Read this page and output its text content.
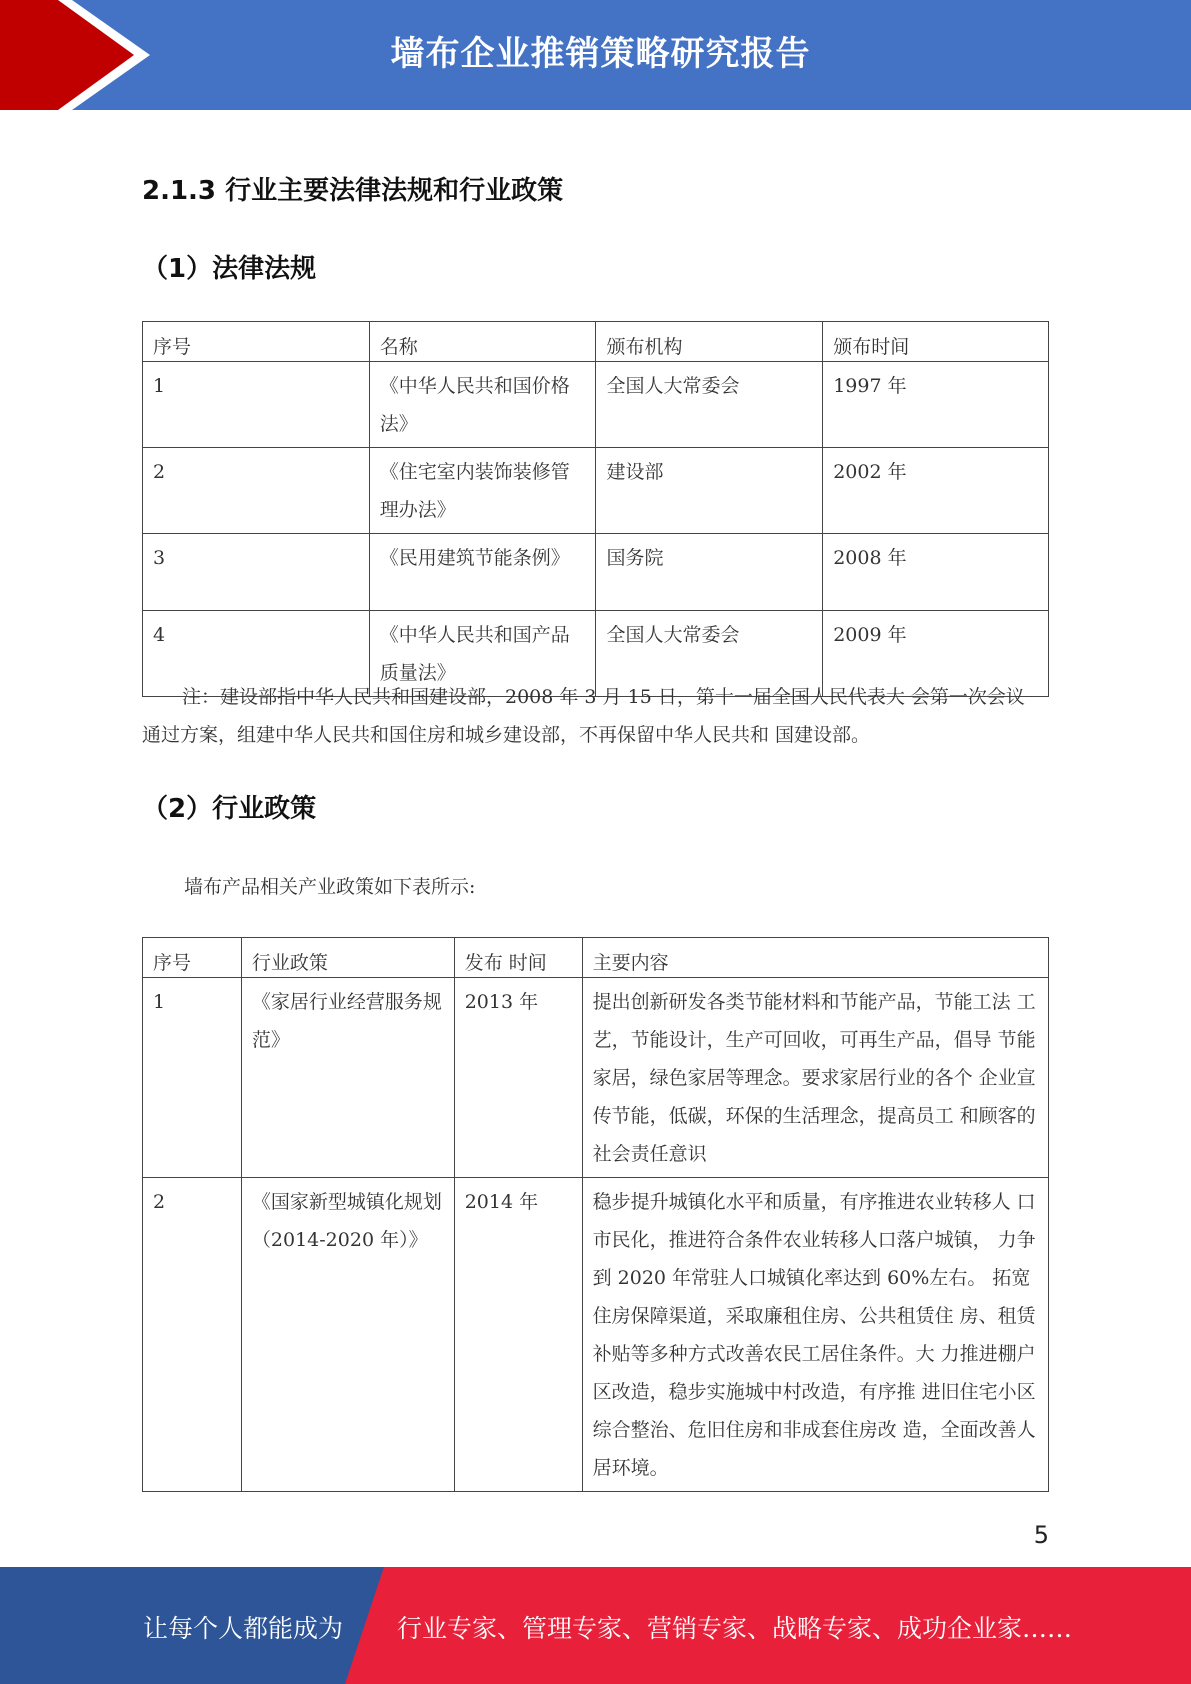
墙布企业推销策略研究报告
2.1.3 行业主要法律法规和行业政策
（1）法律法规
序号	名称	颁布机构	颁布时间
1	《中华人民共和国价格法》	全国人大常委会	1997 年
2	《住宅室内装饰装修管理办法》	建设部	2002 年
3	《民用建筑节能条例》	国务院	2008 年
4	《中华人民共和国产品质量法》	全国人大常委会	2009 年
注：建设部指中华人民共和国建设部，2008 年 3 月 15 日，第十一届全国人民代表大 会第一次会议通过方案，组建中华人民共和国住房和城乡建设部，不再保留中华人民共和 国建设部。
（2）行业政策
墙布产品相关产业政策如下表所示:
序号	行业政策	发布 时间	主要内容
1	《家居行业经营服务规范》	2013 年	提出创新研发各类节能材料和节能产品，节能工法 工艺，节能设计，生产可回收，可再生产品，倡导 节能家居，绿色家居等理念。要求家居行业的各个 企业宣传节能，低碳，环保的生活理念，提高员工 和顾客的社会责任意识
2	《国家新型城镇化规划（2014-2020 年）》	2014 年	稳步提升城镇化水平和质量，有序推进农业转移人 口市民化，推进符合条件农业转移人口落户城镇， 力争到 2020 年常驻人口城镇化率达到 60%左右。 拓宽住房保障渠道，采取廉租住房、公共租赁住 房、租赁补贴等多种方式改善农民工居住条件。大 力推进棚户区改造，稳步实施城中村改造，有序推 进旧住宅小区综合整治、危旧住房和非成套住房改 造，全面改善人居环境。
5
让每个人都能成为 行业专家、管理专家、营销专家、战略专家、成功企业家……
